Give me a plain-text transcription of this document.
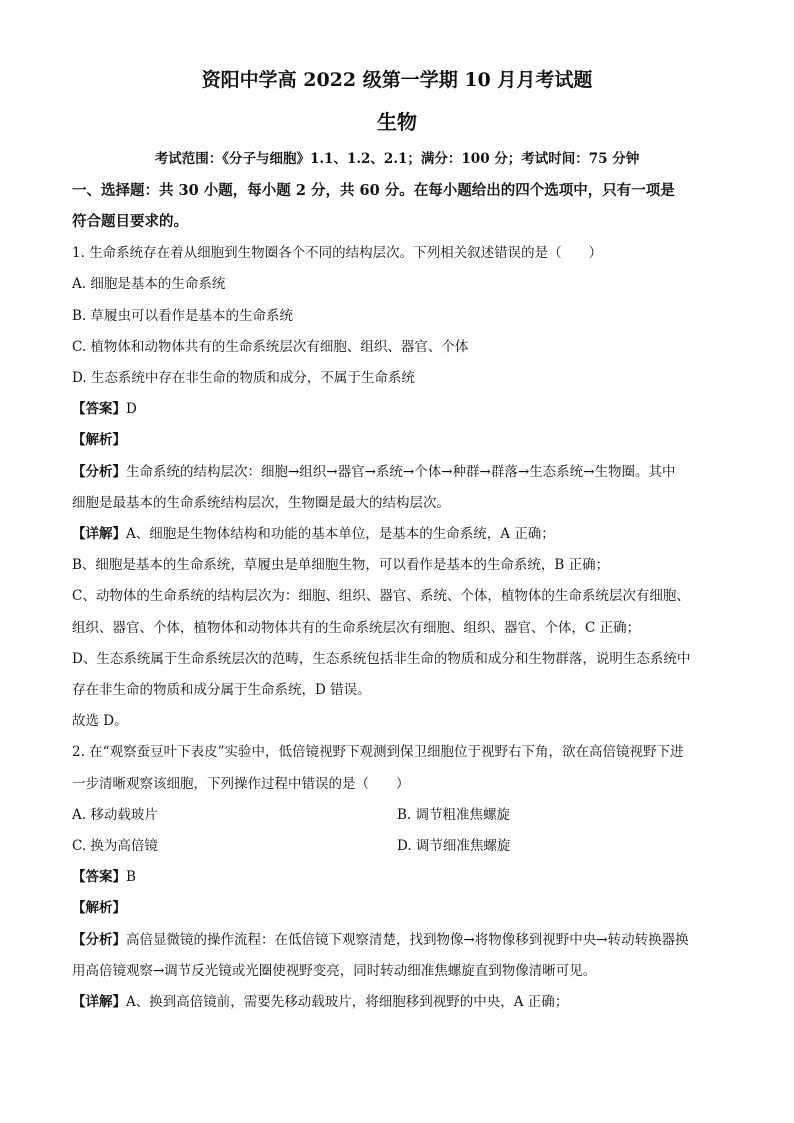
资阳中学高 2022 级第一学期 10 月月考试题
生物
考试范围：《分子与细胞》1.1、1.2、2.1；满分：100 分；考试时间：75 分钟
一、选择题：共 30 小题，每小题 2 分，共 60 分。在每小题给出的四个选项中，只有一项是
符合题目要求的。
1. 生命系统存在着从细胞到生物圈各个不同的结构层次。下列相关叙述错误的是（　　）
A. 细胞是基本的生命系统
B. 草履虫可以看作是基本的生命系统
C. 植物体和动物体共有的生命系统层次有细胞、组织、器官、个体
D. 生态系统中存在非生命的物质和成分，不属于生命系统
【答案】D
【解析】
【分析】生命系统的结构层次：细胞→组织→器官→系统→个体→种群→群落→生态系统→生物圈。其中
细胞是最基本的生命系统结构层次，生物圈是最大的结构层次。
【详解】A、细胞是生物体结构和功能的基本单位，是基本的生命系统，A 正确；
B、细胞是基本的生命系统，草履虫是单细胞生物，可以看作是基本的生命系统，B 正确；
C、动物体的生命系统的结构层次为：细胞、组织、器官、系统、个体，植物体的生命系统层次有细胞、
组织、器官、个体，植物体和动物体共有的生命系统层次有细胞、组织、器官、个体，C 正确；
D、生态系统属于生命系统层次的范畴，生态系统包括非生命的物质和成分和生物群落，说明生态系统中
存在非生命的物质和成分属于生命系统，D 错误。
故选 D。
2. 在“观察蚕豆叶下表皮”实验中，低倍镜视野下观测到保卫细胞位于视野右下角，欲在高倍镜视野下进
一步清晰观察该细胞，下列操作过程中错误的是（　　）
A. 移动载玻片	B. 调节粗准焦螺旋
C. 换为高倍镜	D. 调节细准焦螺旋
【答案】B
【解析】
【分析】高倍显微镜的操作流程：在低倍镜下观察清楚，找到物像→将物像移到视野中央→转动转换器换
用高倍镜观察→调节反光镜或光圈使视野变亮，同时转动细准焦螺旋直到物像清晰可见。
【详解】A、换到高倍镜前，需要先移动载玻片，将细胞移到视野的中央，A 正确；
